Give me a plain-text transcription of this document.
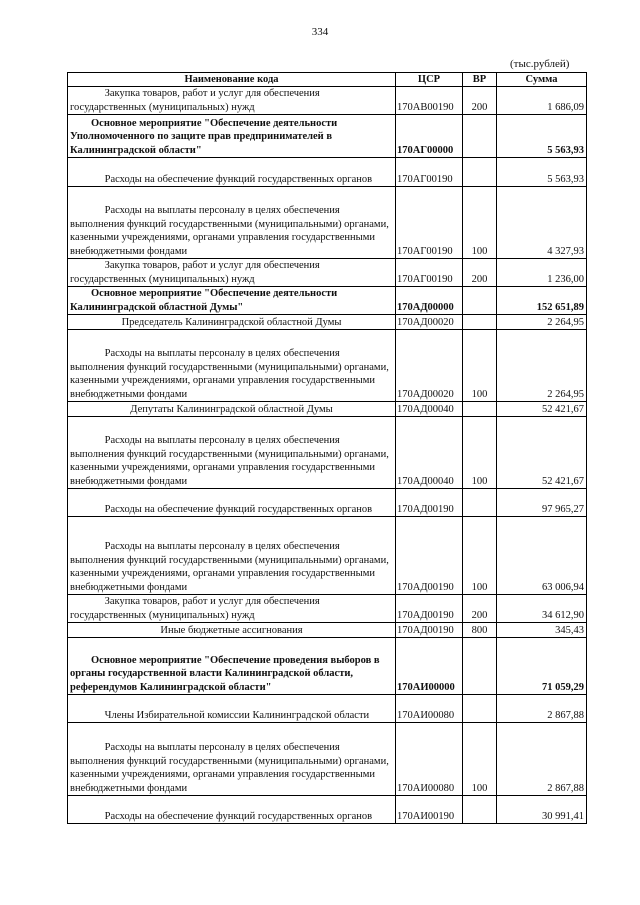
334
(тыс.рублей)
Наименование кода	ЦСР	ВР	Сумма

Закупка товаров, работ и услуг для обеспечения государственных (муниципальных) нужд	170АВ00190	200	1 686,09

Основное мероприятие "Обеспечение деятельности Уполномоченного по защите прав предпринимателей в Калининградской области"	170АГ00000		5 563,93

Расходы на обеспечение функций государственных органов	170АГ00190		5 563,93

Расходы на выплаты персоналу в целях обеспечения выполнения функций государственными (муниципальными) органами, казенными учреждениями, органами управления государственными внебюджетными фондами	170АГ00190	100	4 327,93

Закупка товаров, работ и услуг для обеспечения государственных (муниципальных) нужд	170АГ00190	200	1 236,00

Основное мероприятие "Обеспечение деятельности Калининградской областной Думы"	170АД00000		152 651,89

Председатель Калининградской областной Думы	170АД00020		2 264,95

Расходы на выплаты персоналу в целях обеспечения выполнения функций государственными (муниципальными) органами, казенными учреждениями, органами управления государственными внебюджетными фондами	170АД00020	100	2 264,95

Депутаты Калининградской областной Думы	170АД00040		52 421,67

Расходы на выплаты персоналу в целях обеспечения выполнения функций государственными (муниципальными) органами, казенными учреждениями, органами управления государственными внебюджетными фондами	170АД00040	100	52 421,67

Расходы на обеспечение функций государственных органов	170АД00190		97 965,27

Расходы на выплаты персоналу в целях обеспечения выполнения функций государственными (муниципальными) органами, казенными учреждениями, органами управления государственными внебюджетными фондами	170АД00190	100	63 006,94

Закупка товаров, работ и услуг для обеспечения государственных (муниципальных) нужд	170АД00190	200	34 612,90

Иные бюджетные ассигнования	170АД00190	800	345,43

Основное мероприятие "Обеспечение проведения выборов в органы государственной власти Калининградской области, референдумов Калининградской области"	170АИ00000		71 059,29

Члены Избирательной комиссии Калининградской области	170АИ00080		2 867,88

Расходы на выплаты персоналу в целях обеспечения выполнения функций государственными (муниципальными) органами, казенными учреждениями, органами управления государственными внебюджетными фондами	170АИ00080	100	2 867,88

Расходы на обеспечение функций государственных органов	170АИ00190		30 991,41
